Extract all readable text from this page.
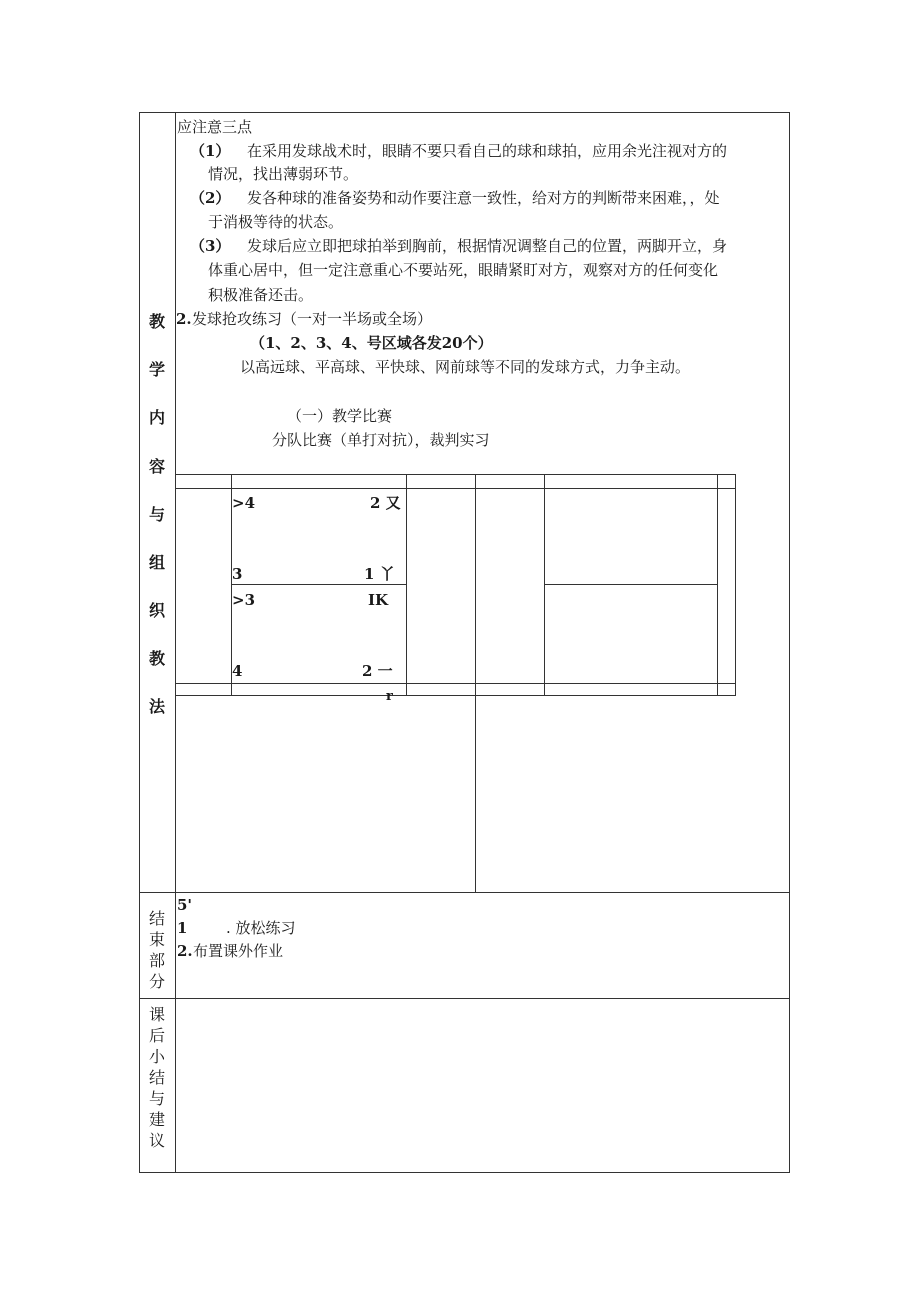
教
学
内
容
与
组
织
教
法
应注意三点
（1） 在采用发球战术时，眼睛不要只看自己的球和球拍，应用余光注视对方的
情况，找出薄弱环节。
（2） 发各种球的准备姿势和动作要注意一致性，给对方的判断带来困难，，处
于消极等待的状态。
（3） 发球后应立即把球拍举到胸前，根据情况调整自己的位置，两脚开立，身
体重心居中，但一定注意重心不要站死，眼睛紧盯对方，观察对方的任何变化
积极准备还击。
2. 发球抢攻练习（一对一半场或全场）
（1、2、3、4、号区域各发20个）
以高远球、平高球、平快球、网前球等不同的发球方式，力争主动。
（一）教学比赛
分队比赛（单打对抗），裁判实习
>4	2 又
3	1 丫
>3	IK
4	2 一
r
结
束
部
分
5'
1	. 放松练习
2. 布置课外作业
课
后
小
结
与
建
议
